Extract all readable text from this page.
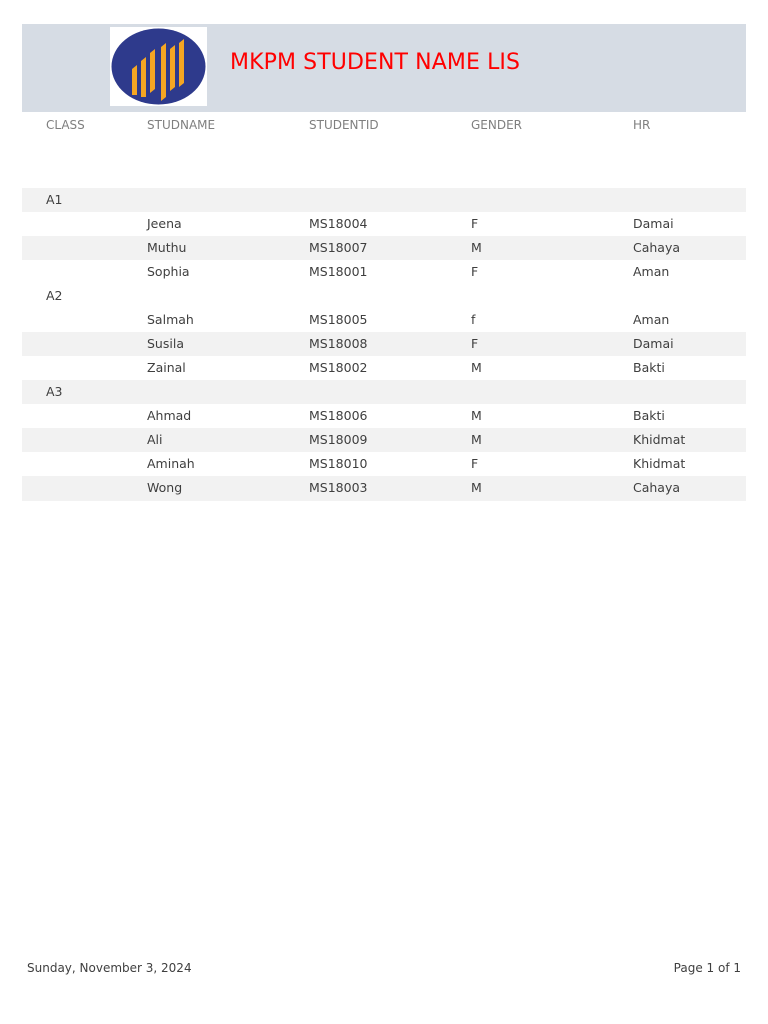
MKPM STUDENT NAME LIS
CLASS	STUDNAME	STUDENTID	GENDER	HR
A1
Jeena	MS18004	F	Damai
Muthu	MS18007	M	Cahaya
Sophia	MS18001	F	Aman
A2
Salmah	MS18005	f	Aman
Susila	MS18008	F	Damai
Zainal	MS18002	M	Bakti
A3
Ahmad	MS18006	M	Bakti
Ali	MS18009	M	Khidmat
Aminah	MS18010	F	Khidmat
Wong	MS18003	M	Cahaya
Sunday, November 3, 2024	Page 1 of 1
